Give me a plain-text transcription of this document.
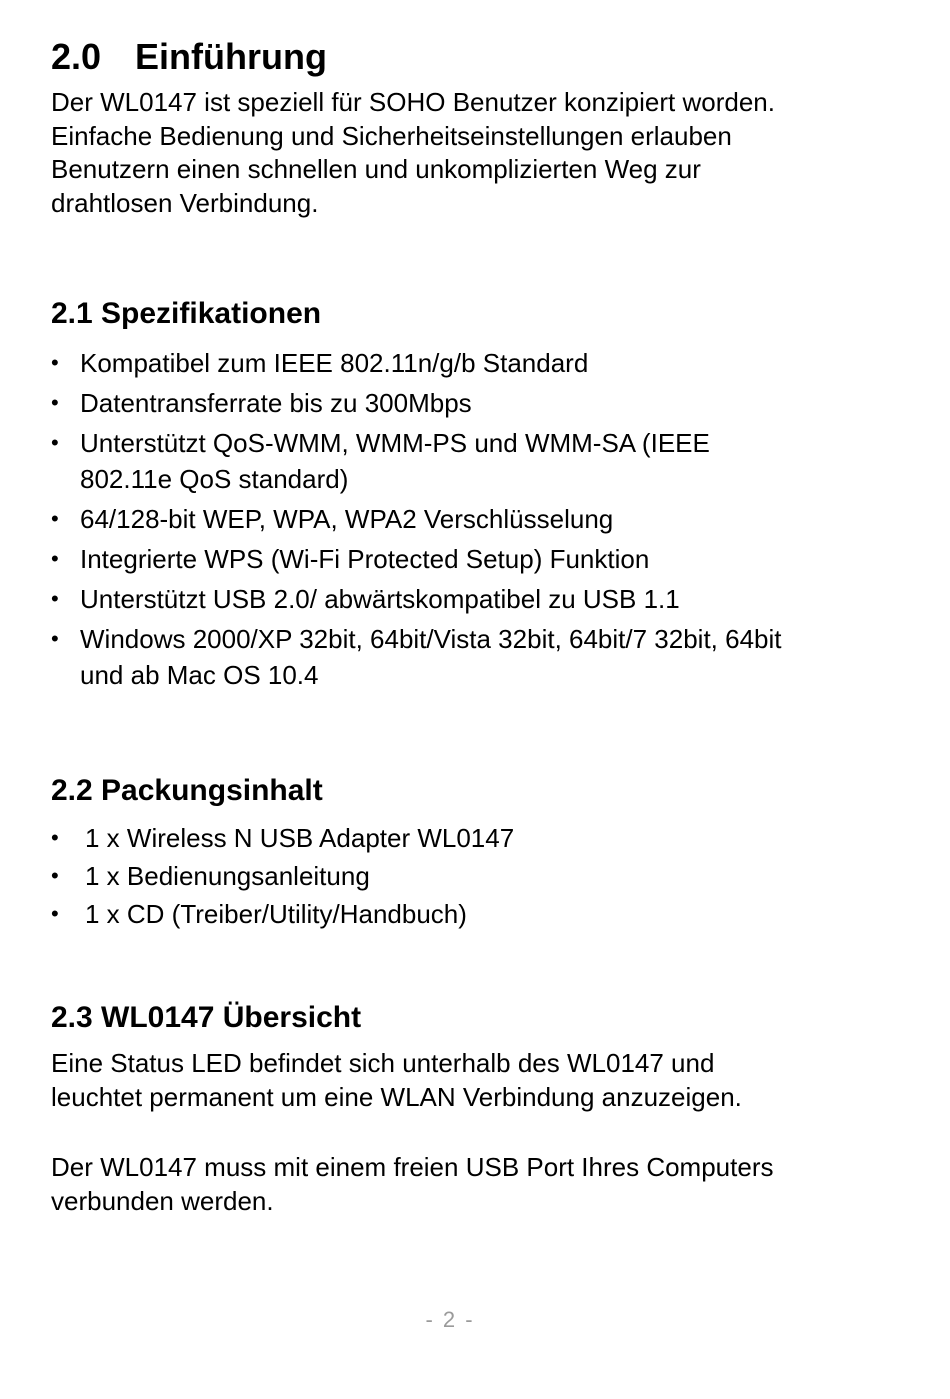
2.0 Einführung
Der WL0147 ist speziell für SOHO Benutzer konzipiert worden.
Einfache Bedienung und Sicherheitseinstellungen erlauben
Benutzern einen schnellen und unkomplizierten Weg zur
drahtlosen Verbindung.
2.1 Spezifikationen
• Kompatibel zum IEEE 802.11n/g/b Standard
• Datentransferrate bis zu 300Mbps
• Unterstützt QoS-WMM, WMM-PS und WMM-SA (IEEE
802.11e QoS standard)
• 64/128-bit WEP, WPA, WPA2 Verschlüsselung
• Integrierte WPS (Wi-Fi Protected Setup) Funktion
• Unterstützt USB 2.0/ abwärtskompatibel zu USB 1.1
• Windows 2000/XP 32bit, 64bit/Vista 32bit, 64bit/7 32bit, 64bit
und ab Mac OS 10.4
2.2 Packungsinhalt
• 1 x Wireless N USB Adapter WL0147
• 1 x Bedienungsanleitung
• 1 x CD (Treiber/Utility/Handbuch)
2.3 WL0147 Übersicht
Eine Status LED befindet sich unterhalb des WL0147 und
leuchtet permanent um eine WLAN Verbindung anzuzeigen.
Der WL0147 muss mit einem freien USB Port Ihres Computers
verbunden werden.
- 2 -
